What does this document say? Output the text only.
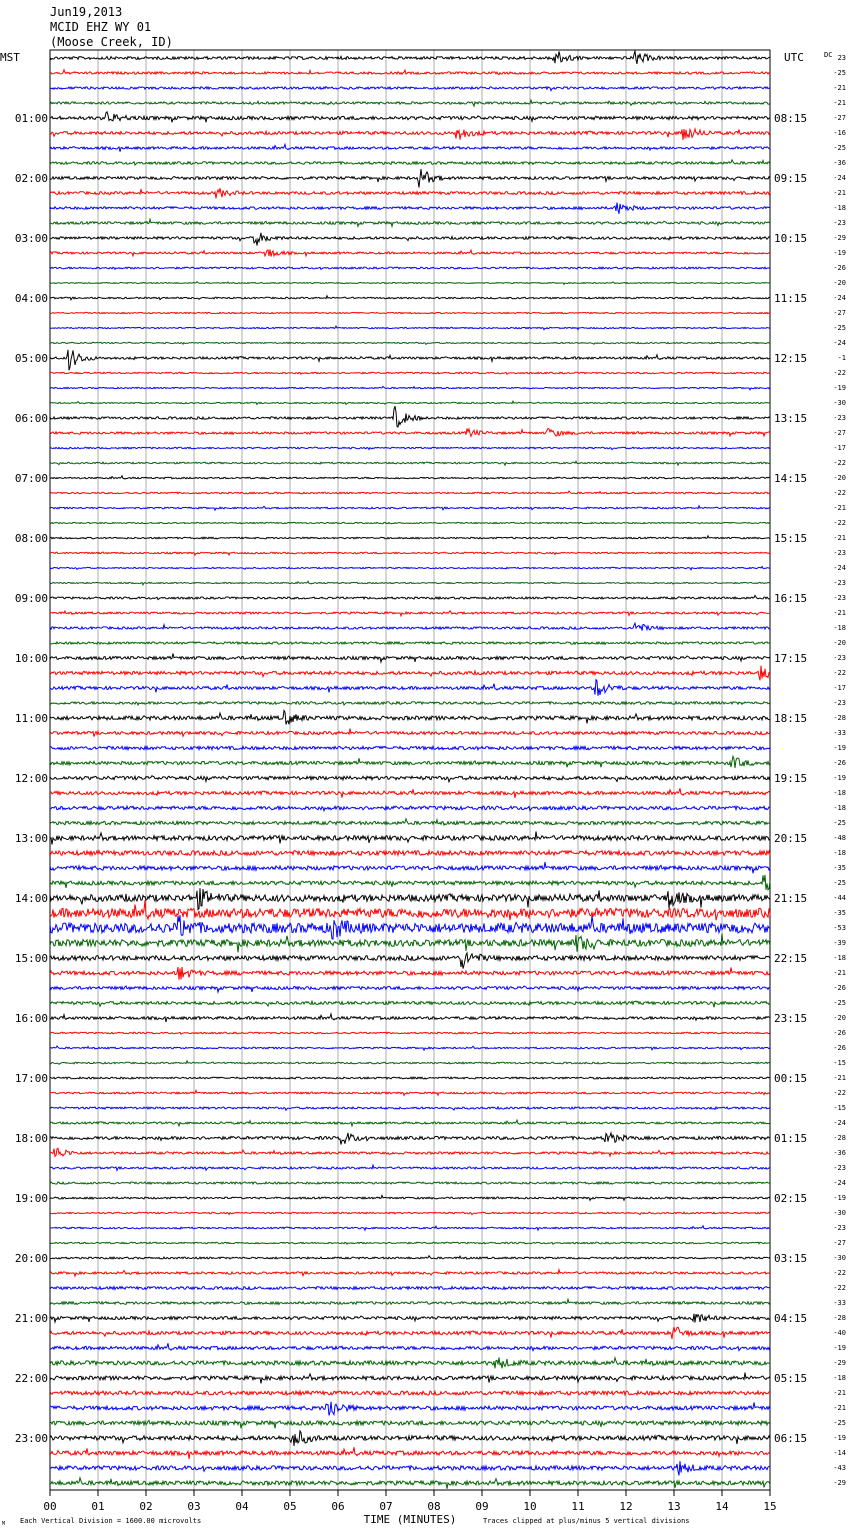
Jun19,2013
MCID EHZ WY 01
(Moose Creek, ID)
MST	UTC	DC
01:00
02:00
03:00
04:00
05:00
06:00
07:00
08:00
09:00
10:00
11:00
12:00
13:00
14:00
15:00
16:00
17:00
18:00
19:00
20:00
21:00
22:00
23:00
08:15
09:15
10:15
11:15
12:15
13:15
14:15
15:15
16:15
17:15
18:15
19:15
20:15
21:15
22:15
23:15
00:15
01:15
02:15
03:15
04:15
05:15
06:15
23
-25
-21
-21
-27
-16
-25
-36
-24
-21
-18
-23
-29
-19
-26
-20
-24
-27
-25
-24
-1
-22
-19
-30
-23
-27
-17
-22
-20
-22
-21
-22
-21
-23
-24
-23
-23
-21
-18
-20
-23
-22
-17
-23
-28
-33
-19
-26
-19
-18
-18
-25
-48
-18
-35
-25
-44
-35
-53
-39
-18
-21
-26
-25
-20
-26
-26
-15
-21
-22
-15
-24
-28
-36
-23
-24
-19
-30
-23
-27
-30
-22
-22
-33
-28
-40
-19
-29
-18
-21
-21
-25
-19
-14
-43
-29
00	01	02	03	04	05	06	07	08	09	10	11	12	13	14	15
TIME (MINUTES)
Each Vertical Division = 1600.00 microvolts	Traces clipped at plus/minus 5 vertical divisions
M
